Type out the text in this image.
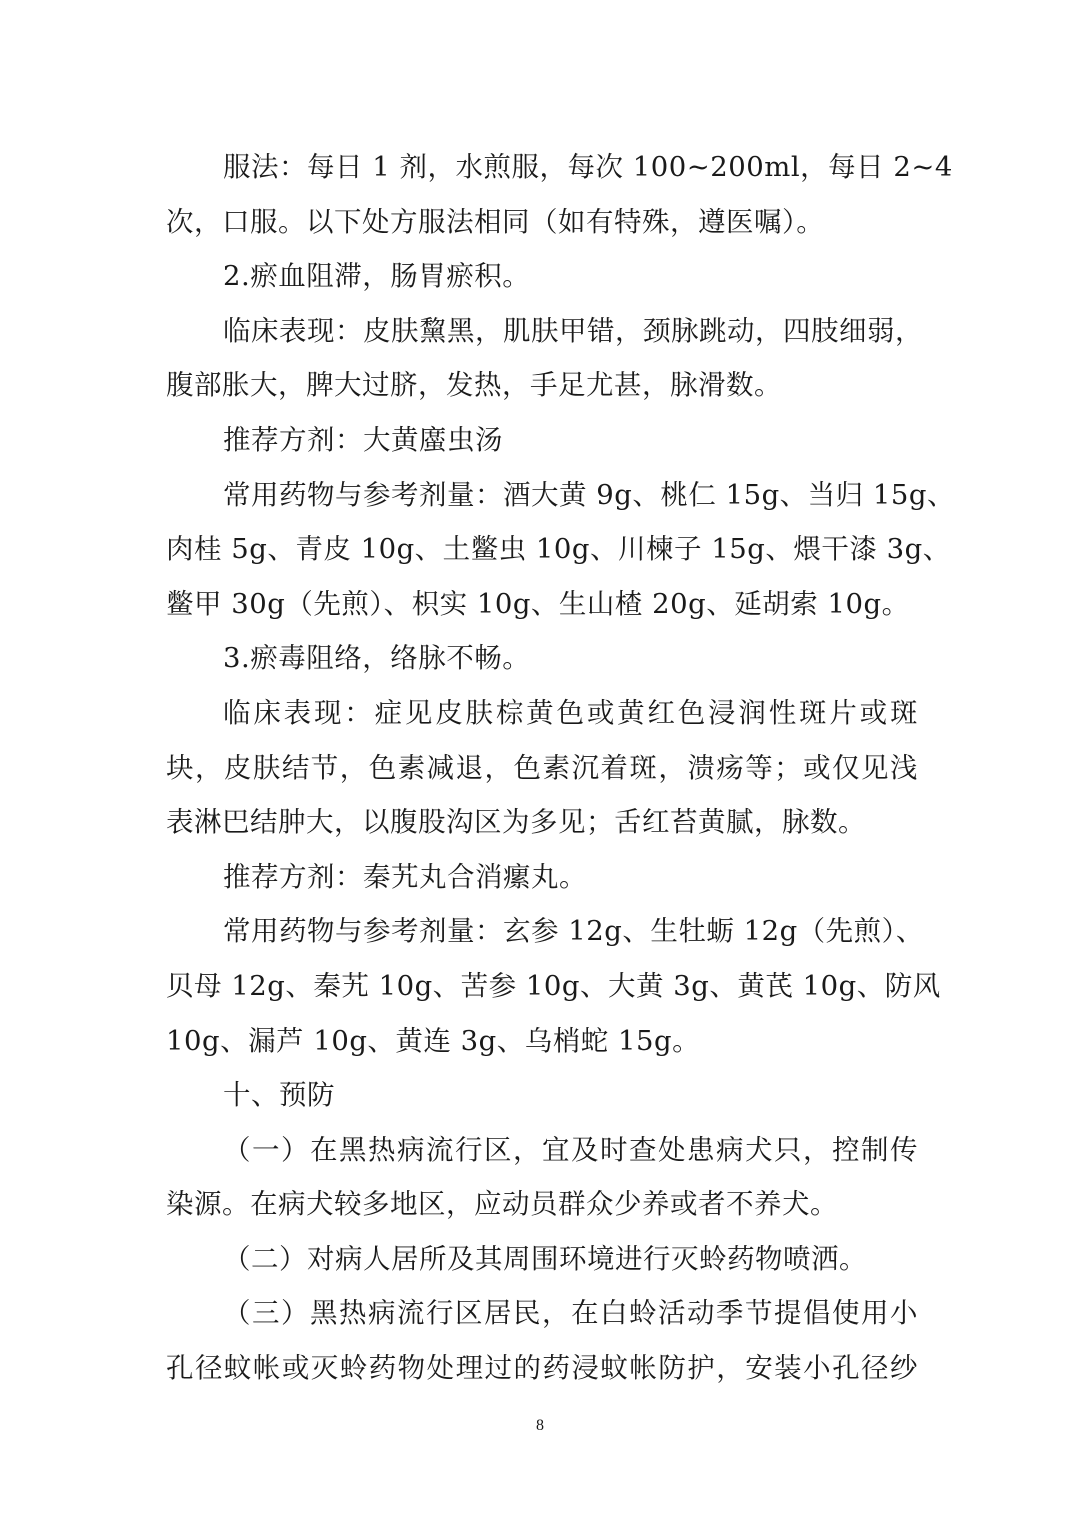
服法：每日 1 剂，水煎服，每次 100~200ml，每日 2~4
次，口服。以下处方服法相同（如有特殊，遵医嘱）。
2.瘀血阻滞，肠胃瘀积。
临床表现：皮肤黧黑，肌肤甲错，颈脉跳动，四肢细弱，
腹部胀大，脾大过脐，发热，手足尤甚，脉滑数。
推荐方剂：大黄䗪虫汤
常用药物与参考剂量：酒大黄 9g、桃仁 15g、当归 15g、
肉桂 5g、青皮 10g、土鳖虫 10g、川楝子 15g、煨干漆 3g、
鳖甲 30g（先煎）、枳实 10g、生山楂 20g、延胡索 10g。
3.瘀毒阻络，络脉不畅。
临床表现：症见皮肤棕黄色或黄红色浸润性斑片或斑
块，皮肤结节，色素减退，色素沉着斑，溃疡等；或仅见浅
表淋巴结肿大，以腹股沟区为多见；舌红苔黄腻，脉数。
推荐方剂：秦艽丸合消瘰丸。
常用药物与参考剂量：玄参 12g、生牡蛎 12g（先煎）、
贝母 12g、秦艽 10g、苦参 10g、大黄 3g、黄芪 10g、防风
10g、漏芦 10g、黄连 3g、乌梢蛇 15g。
十、预防
（一）在黑热病流行区，宜及时查处患病犬只，控制传
染源。在病犬较多地区，应动员群众少养或者不养犬。
（二）对病人居所及其周围环境进行灭蛉药物喷洒。
（三）黑热病流行区居民，在白蛉活动季节提倡使用小
孔径蚊帐或灭蛉药物处理过的药浸蚊帐防护，安装小孔径纱
8
